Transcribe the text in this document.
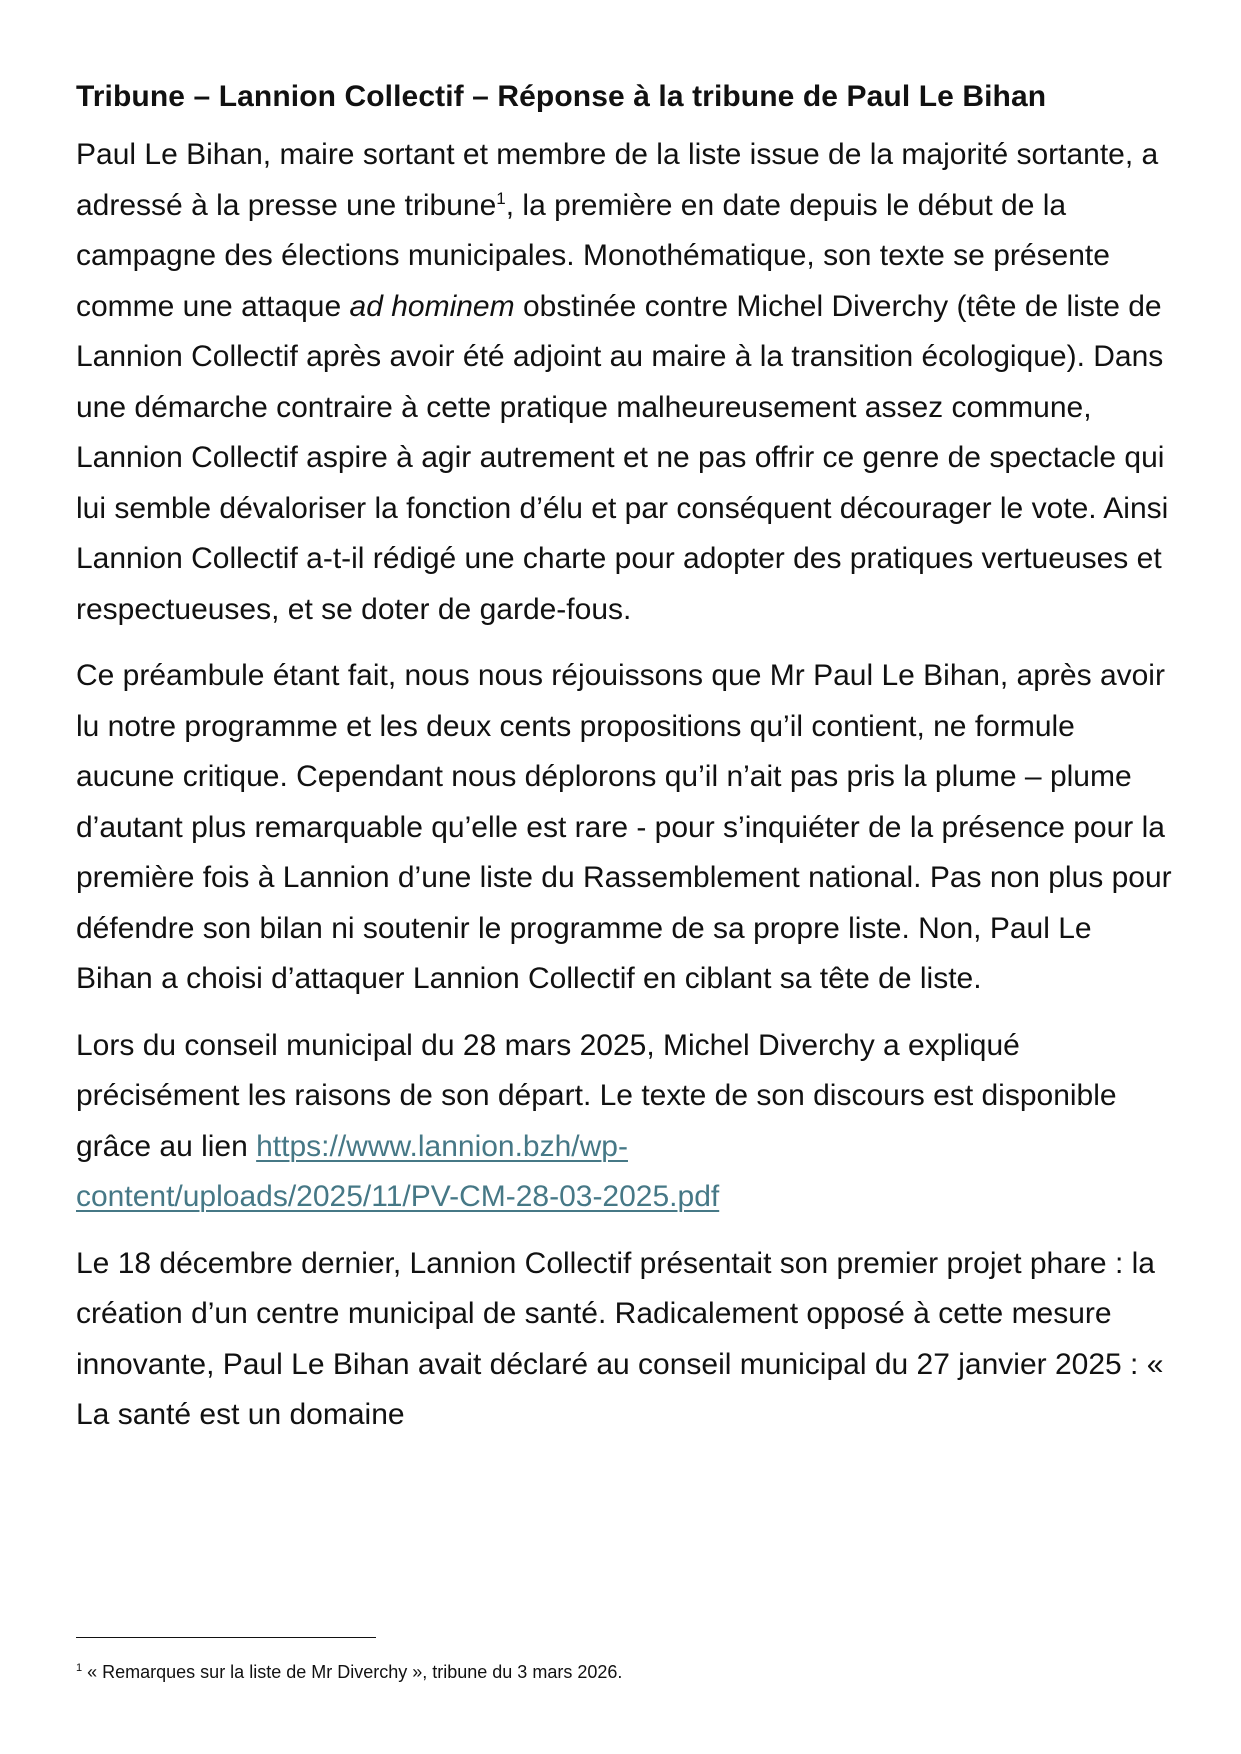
Tribune – Lannion Collectif – Réponse à la tribune de Paul Le Bihan

Paul Le Bihan, maire sortant et membre de la liste issue de la majorité sortante, a adressé à la presse une tribune$^1$, la première en date depuis le début de la campagne des élections municipales. Monothématique, son texte se présente comme une attaque ad hominem obstinée contre Michel Diverchy (tête de liste de Lannion Collectif après avoir été adjoint au maire à la transition écologique). Dans une démarche contraire à cette pratique malheureusement assez commune, Lannion Collectif aspire à agir autrement et ne pas offrir ce genre de spectacle qui lui semble dévaloriser la fonction d’élu et par conséquent décourager le vote. Ainsi Lannion Collectif a-t-il rédigé une charte pour adopter des pratiques vertueuses et respectueuses, et se doter de garde-fous.

Ce préambule étant fait, nous nous réjouissons que Mr Paul Le Bihan, après avoir lu notre programme et les deux cents propositions qu’il contient, ne formule aucune critique. Cependant nous déplorons qu’il n’ait pas pris la plume – plume d’autant plus remarquable qu’elle est rare - pour s’inquiéter de la présence pour la première fois à Lannion d’une liste du Rassemblement national. Pas non plus pour défendre son bilan ni soutenir le programme de sa propre liste. Non, Paul Le Bihan a choisi d’attaquer Lannion Collectif en ciblant sa tête de liste.

Lors du conseil municipal du 28 mars 2025, Michel Diverchy a expliqué précisément les raisons de son départ. Le texte de son discours est disponible grâce au lien https://www.lannion.bzh/wp-
content/uploads/2025/11/PV-CM-28-03-2025.pdf

Le 18 décembre dernier, Lannion Collectif présentait son premier projet phare : la création d’un centre municipal de santé. Radicalement opposé à cette mesure innovante, Paul Le Bihan avait déclaré au conseil municipal du 27 janvier 2025 : « La santé est un domaine

$^1$ « Remarques sur la liste de Mr Diverchy », tribune du 3 mars 2026.
